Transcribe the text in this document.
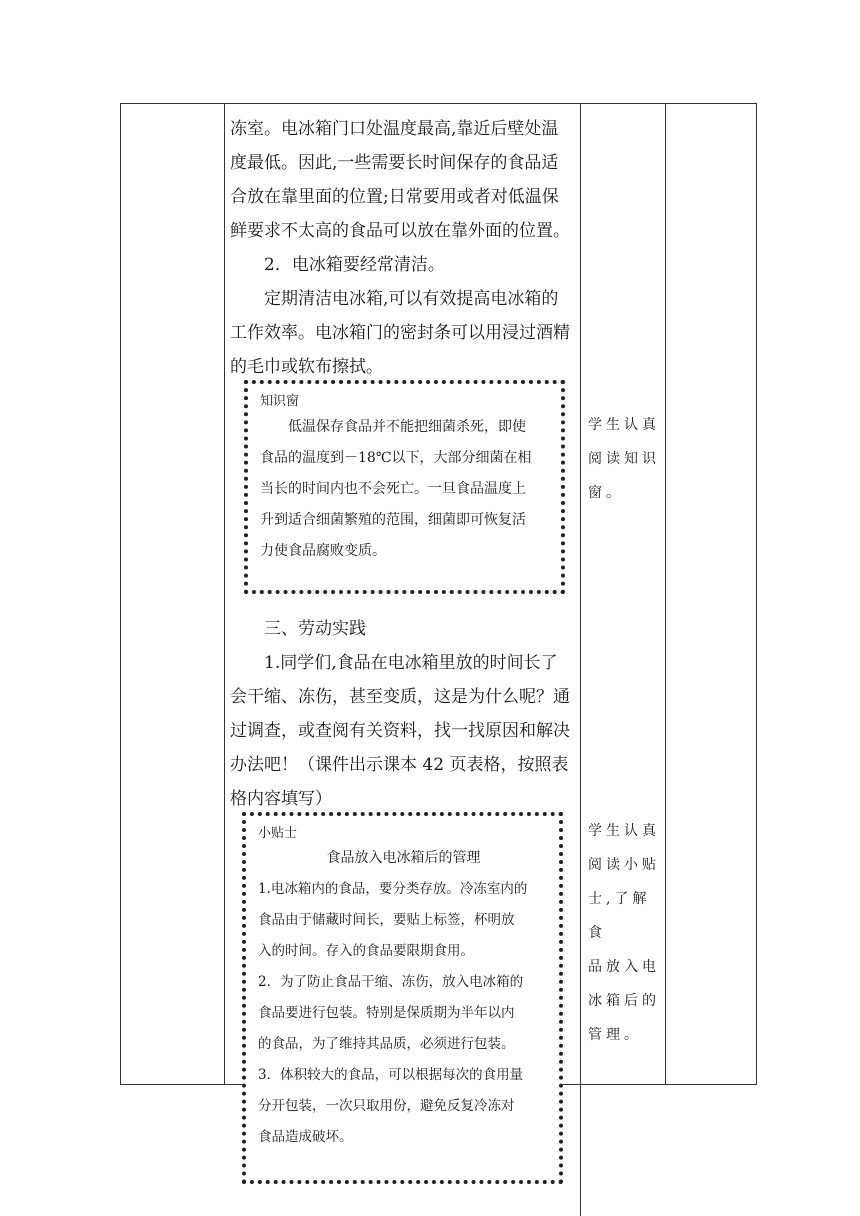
冻室。电冰箱门口处温度最高,靠近后壁处温

度最低。因此,一些需要长时间保存的食品适

合放在靠里面的位置;日常要用或者对低温保

鲜要求不太高的食品可以放在靠外面的位置。

2．电冰箱要经常清洁。

定期清洁电冰箱,可以有效提高电冰箱的

工作效率。电冰箱门的密封条可以用浸过酒精

的毛巾或软布擦拭。

知识窗

低温保存食品并不能把细菌杀死，即使

食品的温度到－18℃以下，大部分细菌在相

当长的时间内也不会死亡。一旦食品温度上

升到适合细菌繁殖的范围，细菌即可恢复活

力使食品腐败变质。

三、劳动实践

1.同学们,食品在电冰箱里放的时间长了

会干缩、冻伤，甚至变质，这是为什么呢？通

过调查，或查阅有关资料，找一找原因和解决

办法吧！（课件出示课本 42 页表格，按照表

格内容填写）

小贴士
食品放入电冰箱后的管理

1.电冰箱内的食品，要分类存放。冷冻室内的

食品由于储藏时间长，要贴上标签，杯明放

入的时间。存入的食品要限期食用。

2．为了防止食品干缩、冻伤，放入电冰箱的

食品要进行包装。特别是保质期为半年以内

的食品，为了维持其品质，必须进行包装。

3．体积较大的食品，可以根据每次的食用量

分开包装，一次只取用份，避免反复冷冻对

食品造成破坏。

学生认真

阅读知识

窗。

学生认真

阅读小贴

士,了解食

品放入电

冰箱后的

管理。
